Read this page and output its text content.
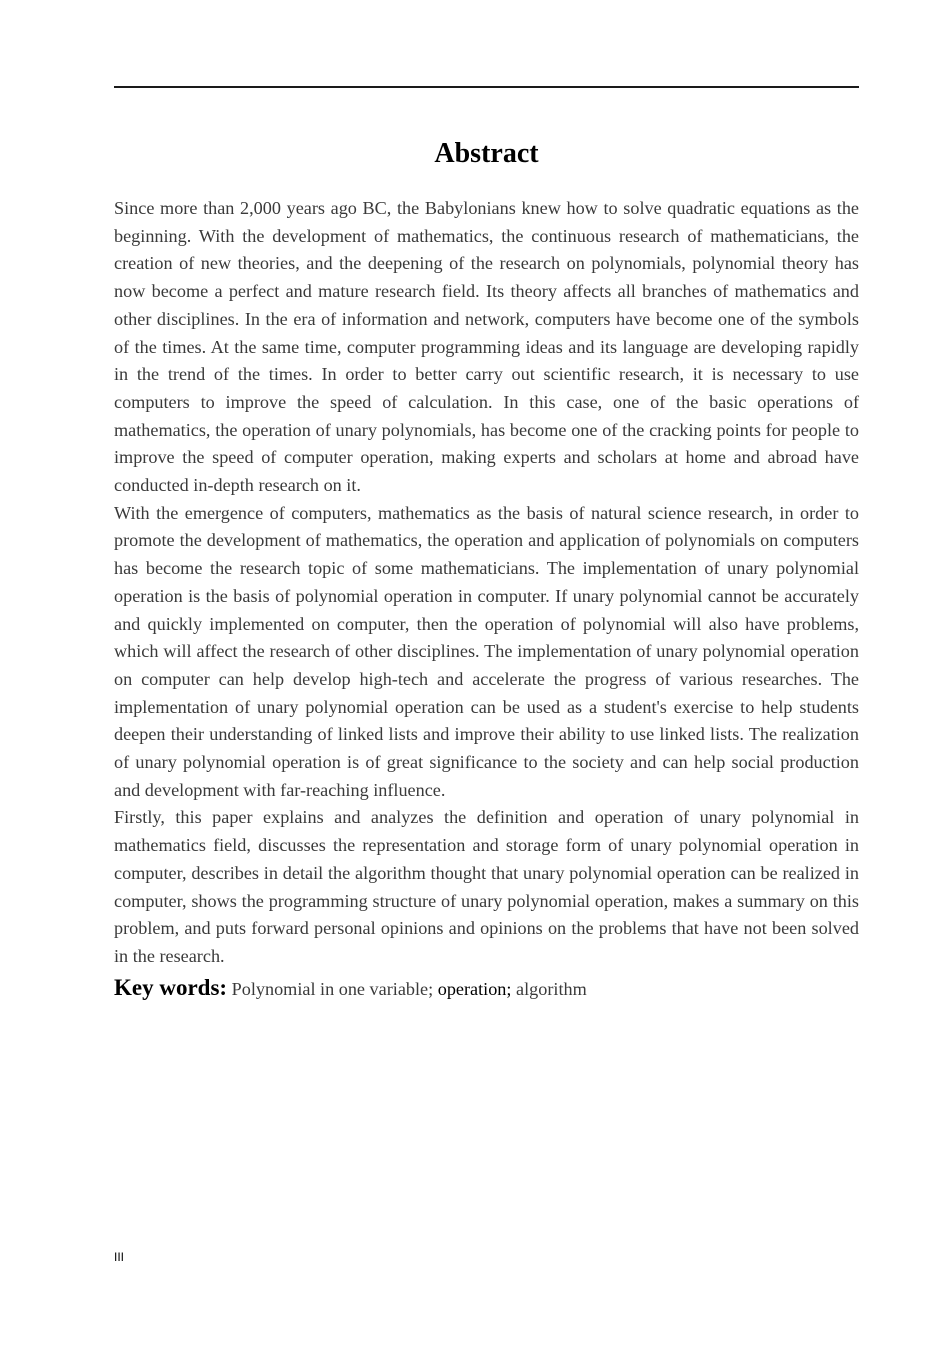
Abstract

Since more than 2,000 years ago BC, the Babylonians knew how to solve quadratic equations as the beginning. With the development of mathematics, the continuous research of mathematicians, the creation of new theories, and the deepening of the research on polynomials, polynomial theory has now become a perfect and mature research field. Its theory affects all branches of mathematics and other disciplines. In the era of information and network, computers have become one of the symbols of the times. At the same time, computer programming ideas and its language are developing rapidly in the trend of the times. In order to better carry out scientific research, it is necessary to use computers to improve the speed of calculation. In this case, one of the basic operations of mathematics, the operation of unary polynomials, has become one of the cracking points for people to improve the speed of computer operation, making experts and scholars at home and abroad have conducted in-depth research on it.

With the emergence of computers, mathematics as the basis of natural science research, in order to promote the development of mathematics, the operation and application of polynomials on computers has become the research topic of some mathematicians. The implementation of unary polynomial operation is the basis of polynomial operation in computer. If unary polynomial cannot be accurately and quickly implemented on computer, then the operation of polynomial will also have problems, which will affect the research of other disciplines. The implementation of unary polynomial operation on computer can help develop high-tech and accelerate the progress of various researches. The implementation of unary polynomial operation can be used as a student's exercise to help students deepen their understanding of linked lists and improve their ability to use linked lists. The realization of unary polynomial operation is of great significance to the society and can help social production and development with far-reaching influence.

Firstly, this paper explains and analyzes the definition and operation of unary polynomial in mathematics field, discusses the representation and storage form of unary polynomial operation in computer, describes in detail the algorithm thought that unary polynomial operation can be realized in computer, shows the programming structure of unary polynomial operation, makes a summary on this problem, and puts forward personal opinions and opinions on the problems that have not been solved in the research.

Key words: Polynomial in one variable; operation; algorithm

III
